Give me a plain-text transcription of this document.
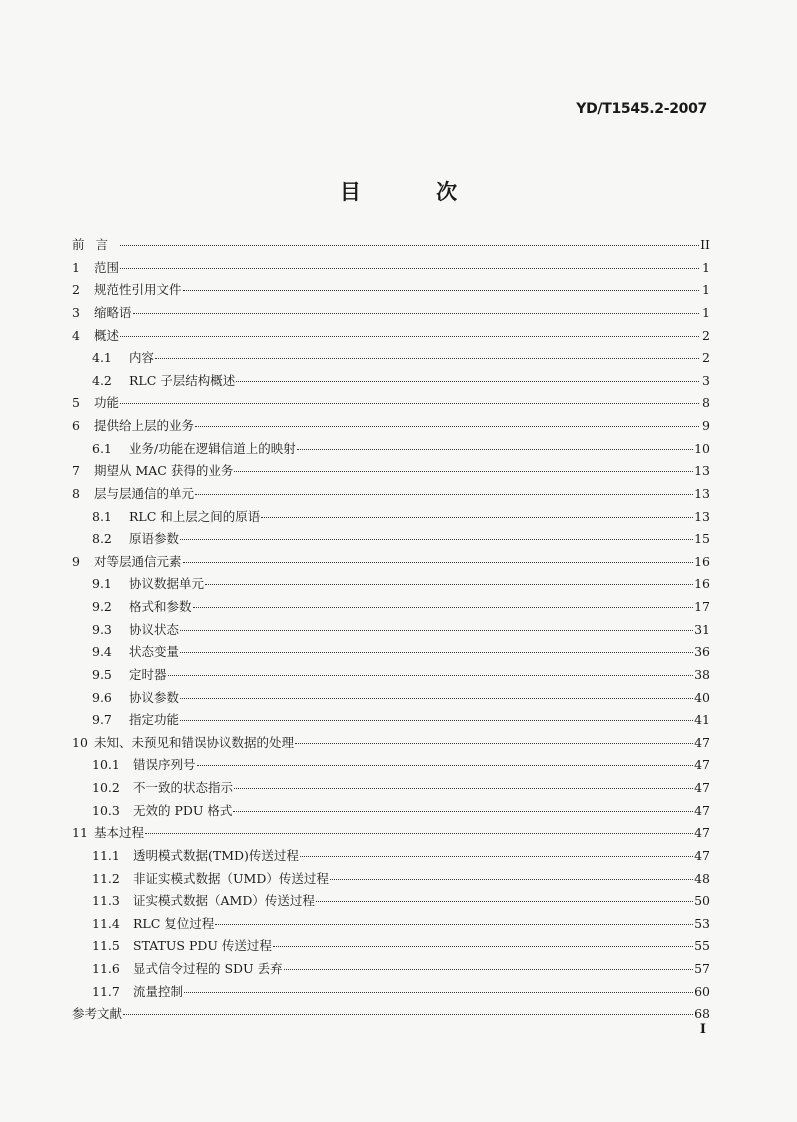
YD/T1545.2-2007
目 次
前言	II
1	范围	1
2	规范性引用文件	1
3	缩略语	1
4	概述	2
4.1	内容	2
4.2	RLC 子层结构概述	3
5	功能	8
6	提供给上层的业务	9
6.1	业务/功能在逻辑信道上的映射	10
7	期望从 MAC 获得的业务	13
8	层与层通信的单元	13
8.1	RLC 和上层之间的原语	13
8.2	原语参数	15
9	对等层通信元素	16
9.1	协议数据单元	16
9.2	格式和参数	17
9.3	协议状态	31
9.4	状态变量	36
9.5	定时器	38
9.6	协议参数	40
9.7	指定功能	41
10 未知、未预见和错误协议数据的处理	47
10.1	错误序列号	47
10.2	不一致的状态指示	47
10.3	无效的 PDU 格式	47
11 基本过程	47
11.1	透明模式数据(TMD)传送过程	47
11.2	非证实模式数据（UMD）传送过程	48
11.3	证实模式数据（AMD）传送过程	50
11.4	RLC 复位过程	53
11.5	STATUS PDU 传送过程	55
11.6	显式信令过程的 SDU 丢弃	57
11.7	流量控制	60
参考文献	68
I
